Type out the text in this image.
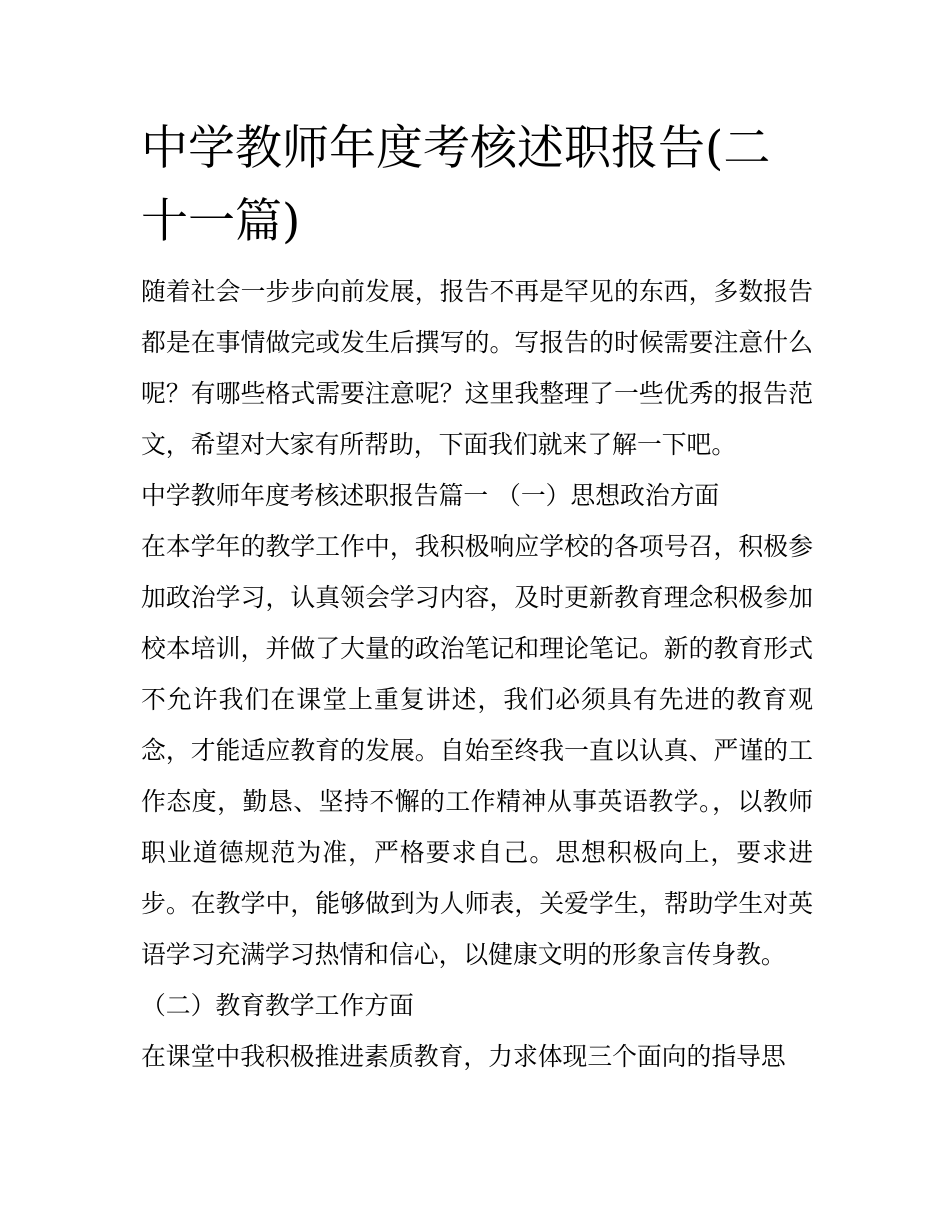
中学教师年度考核述职报告(二十一篇)

随着社会一步步向前发展，报告不再是罕见的东西，多数报告都是在事情做完或发生后撰写的。写报告的时候需要注意什么呢？有哪些格式需要注意呢？这里我整理了一些优秀的报告范文，希望对大家有所帮助，下面我们就来了解一下吧。

中学教师年度考核述职报告篇一 （一）思想政治方面

在本学年的教学工作中，我积极响应学校的各项号召，积极参加政治学习，认真领会学习内容，及时更新教育理念积极参加校本培训，并做了大量的政治笔记和理论笔记。新的教育形式不允许我们在课堂上重复讲述，我们必须具有先进的教育观念，才能适应教育的发展。自始至终我一直以认真、严谨的工作态度，勤恳、坚持不懈的工作精神从事英语教学。，以教师职业道德规范为准，严格要求自己。思想积极向上，要求进步。在教学中，能够做到为人师表，关爱学生，帮助学生对英语学习充满学习热情和信心，以健康文明的形象言传身教。

（二）教育教学工作方面

在课堂中我积极推进素质教育，力求体现三个面向的指导思
